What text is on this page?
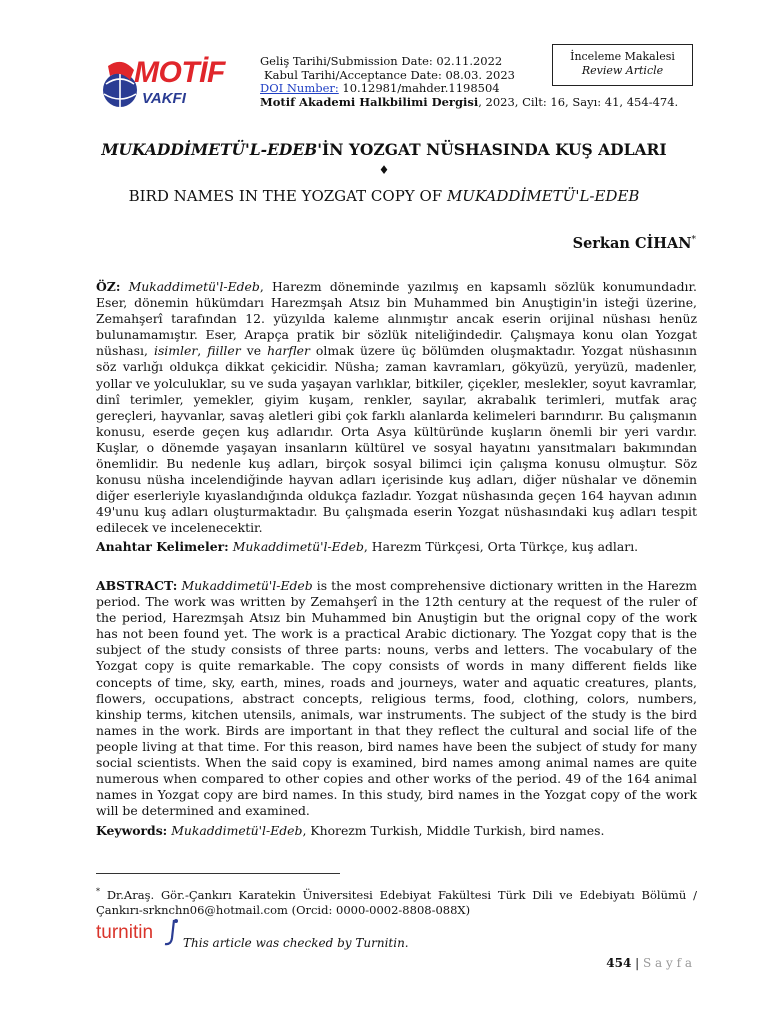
MOTİF
VAKFI
Geliş Tarihi/Submission Date: 02.11.2022
Kabul Tarihi/Acceptance Date: 08.03. 2023
DOI Number: 10.12981/mahder.1198504
Motif Akademi Halkbilimi Dergisi, 2023, Cilt: 16, Sayı: 41, 454-474.
İnceleme Makalesi
Review Article
MUKADDİMETÜ'L-EDEB'İN YOZGAT NÜSHASINDA KUŞ ADLARI
♦
BIRD NAMES IN THE YOZGAT COPY OF MUKADDİMETÜ'L-EDEB
Serkan CİHAN*
ÖZ: Mukaddimetü'l-Edeb, Harezm döneminde yazılmış en kapsamlı sözlük konumundadır. Eser, dönemin hükümdarı Harezmşah Atsız bin Muhammed bin Anuştigin'in isteği üzerine, Zemahşerî tarafından 12. yüzyılda kaleme alınmıştır ancak eserin orijinal nüshası henüz bulunamamıştır. Eser, Arapça pratik bir sözlük niteliğindedir. Çalışmaya konu olan Yozgat nüshası, isimler, fiiller ve harfler olmak üzere üç bölümden oluşmaktadır. Yozgat nüshasının söz varlığı oldukça dikkat çekicidir. Nüsha; zaman kavramları, gökyüzü, yeryüzü, madenler, yollar ve yolculuklar, su ve suda yaşayan varlıklar, bitkiler, çiçekler, meslekler, soyut kavramlar, dinî terimler, yemekler, giyim kuşam, renkler, sayılar, akrabalık terimleri, mutfak araç gereçleri, hayvanlar, savaş aletleri gibi çok farklı alanlarda kelimeleri barındırır. Bu çalışmanın konusu, eserde geçen kuş adlarıdır. Orta Asya kültüründe kuşların önemli bir yeri vardır. Kuşlar, o dönemde yaşayan insanların kültürel ve sosyal hayatını yansıtmaları bakımından önemlidir. Bu nedenle kuş adları, birçok sosyal bilimci için çalışma konusu olmuştur. Söz konusu nüsha incelendiğinde hayvan adları içerisinde kuş adları, diğer nüshalar ve dönemin diğer eserleriyle kıyaslandığında oldukça fazladır. Yozgat nüshasında geçen 164 hayvan adının 49'unu kuş adları oluşturmaktadır. Bu çalışmada eserin Yozgat nüshasındaki kuş adları tespit edilecek ve incelenecektir.
Anahtar Kelimeler: Mukaddimetü'l-Edeb, Harezm Türkçesi, Orta Türkçe, kuş adları.
ABSTRACT: Mukaddimetü'l-Edeb is the most comprehensive dictionary written in the Harezm period. The work was written by Zemahşerî in the 12th century at the request of the ruler of the period, Harezmşah Atsız bin Muhammed bin Anuştigin but the orignal copy of the work has not been found yet. The work is a practical Arabic dictionary. The Yozgat copy that is the subject of the study consists of three parts: nouns, verbs and letters. The vocabulary of the Yozgat copy is quite remarkable. The copy consists of words in many different fields like concepts of time, sky, earth, mines, roads and journeys, water and aquatic creatures, plants, flowers, occupations, abstract concepts, religious terms, food, clothing, colors, numbers, kinship terms, kitchen utensils, animals, war instruments. The subject of the study is the bird names in the work. Birds are important in that they reflect the cultural and social life of the people living at that time. For this reason, bird names have been the subject of study for many social scientists. When the said copy is examined, bird names among animal names are quite numerous when compared to other copies and other works of the period. 49 of the 164 animal names in Yozgat copy are bird names. In this study, bird names in the Yozgat copy of the work will be determined and examined.
Keywords: Mukaddimetü'l-Edeb, Khorezm Turkish, Middle Turkish, bird names.
* Dr.Araş. Gör.-Çankırı Karatekin Üniversitesi Edebiyat Fakültesi Türk Dili ve Edebiyatı Bölümü / Çankırı-srknchn06@hotmail.com (Orcid: 0000-0002-8808-088X)
turnitin This article was checked by Turnitin.
454 | S a y f a
